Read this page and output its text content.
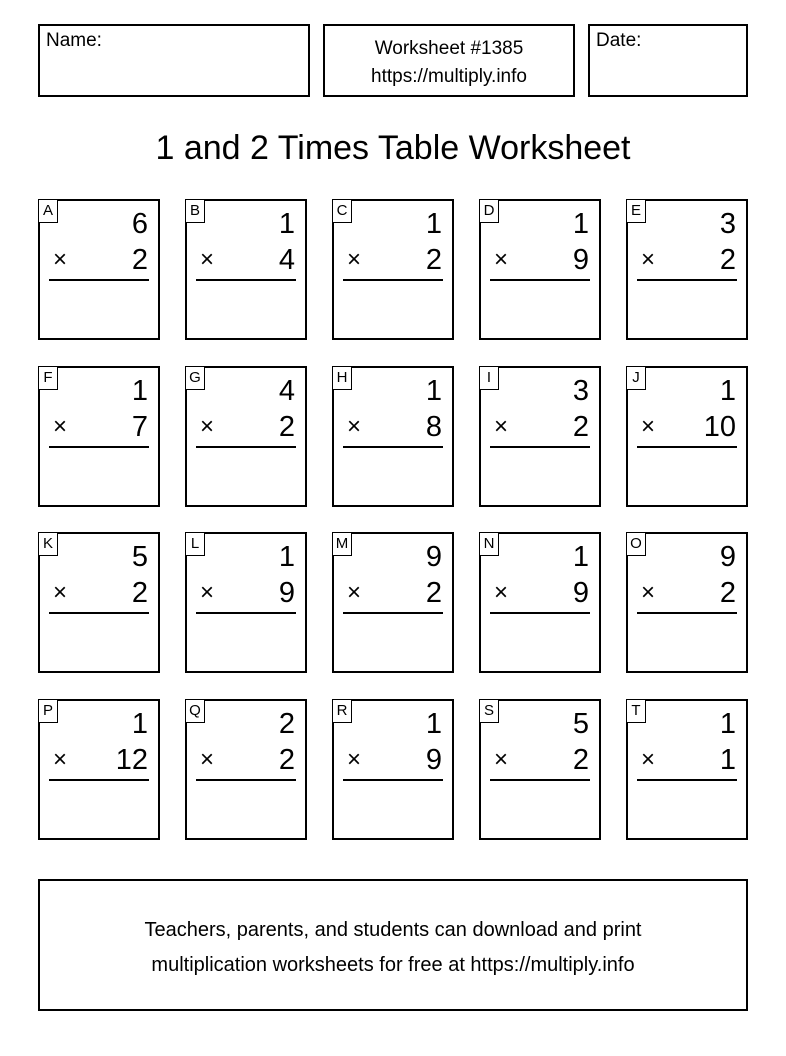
Name:	Worksheet #1385
https://multiply.info
Date:
1 and 2 Times Table Worksheet
A	6
× 2
B	1
× 4
C	1
× 2
D	1
× 9
E	3
× 2
F	1
× 7
G	4
× 2
H	1
× 8
I	3
× 2
J	1
× 10
K	5
× 2
L	1
× 9
M	9
× 2
N	1
× 9
O	9
× 2
P	1
× 12
Q	2
× 2
R	1
× 9
S	5
× 2
T	1
× 1
Teachers, parents, and students can download and print
multiplication worksheets for free at https://multiply.info
